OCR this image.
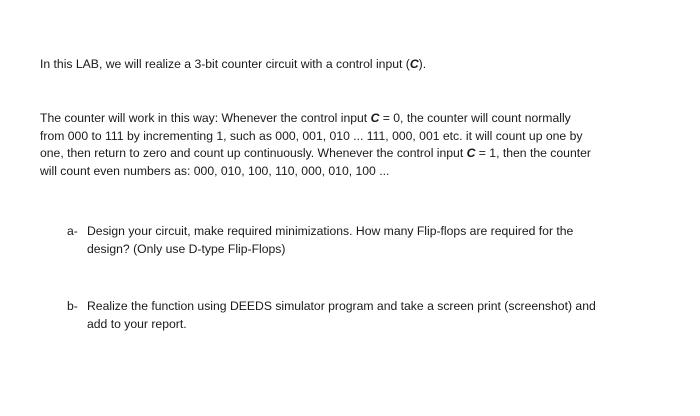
In this LAB, we will realize a 3-bit counter circuit with a control input (C).
The counter will work in this way: Whenever the control input C = 0, the counter will count normally
from 000 to 111 by incrementing 1, such as 000, 001, 010 ... 111, 000, 001 etc. it will count up one by
one, then return to zero and count up continuously. Whenever the control input C = 1, then the counter
will count even numbers as: 000, 010, 100, 110, 000, 010, 100 ...
a- Design your circuit, make required minimizations. How many Flip-flops are required for the
design? (Only use D-type Flip-Flops)
b- Realize the function using DEEDS simulator program and take a screen print (screenshot) and
add to your report.
